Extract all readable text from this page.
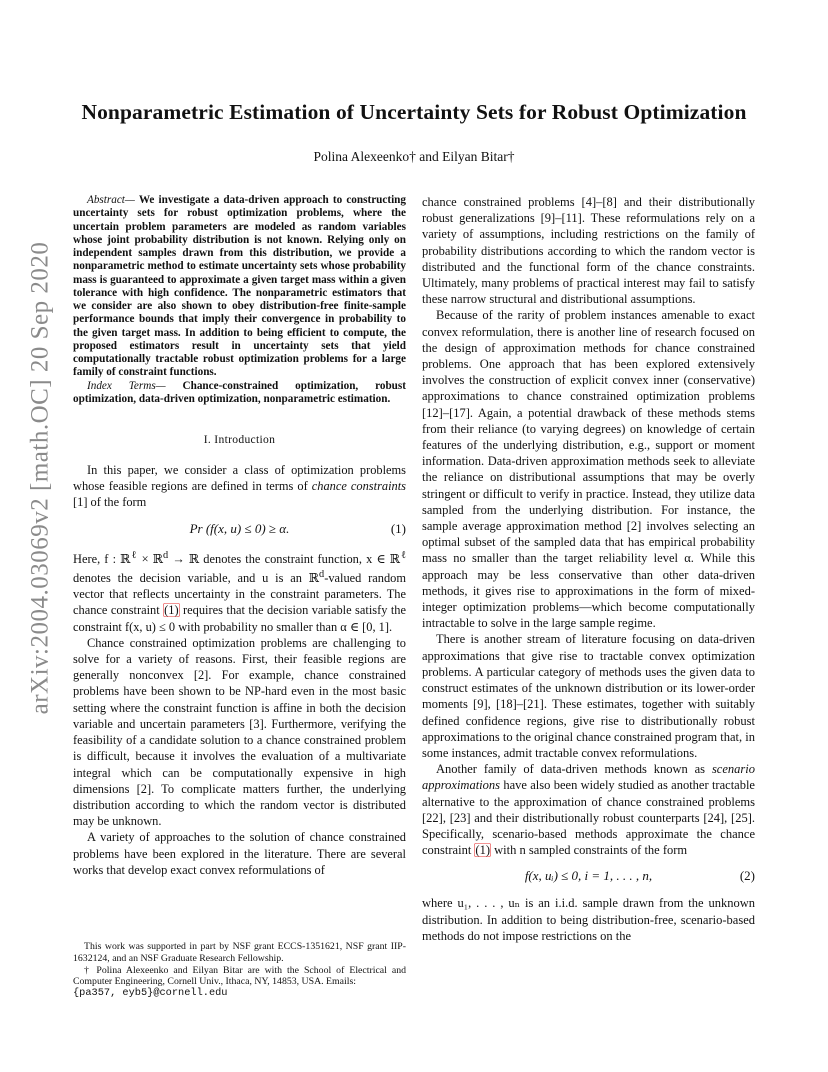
arXiv:2004.03069v2 [math.OC] 20 Sep 2020
Nonparametric Estimation of Uncertainty Sets for Robust Optimization
Polina Alexeenko† and Eilyan Bitar†

Abstract— We investigate a data-driven approach to constructing uncertainty sets for robust optimization problems, where the uncertain problem parameters are modeled as random variables whose joint probability distribution is not known. Relying only on independent samples drawn from this distribution, we provide a nonparametric method to estimate uncertainty sets whose probability mass is guaranteed to approximate a given target mass within a given tolerance with high confidence. The nonparametric estimators that we consider are also shown to obey distribution-free finite-sample performance bounds that imply their convergence in probability to the given target mass. In addition to being efficient to compute, the proposed estimators result in uncertainty sets that yield computationally tractable robust optimization problems for a large family of constraint functions.

Index Terms— Chance-constrained optimization, robust optimization, data-driven optimization, nonparametric estimation.

I. Introduction

In this paper, we consider a class of optimization problems whose feasible regions are defined in terms of chance constraints [1] of the form

Pr (f(x, u) ≤ 0) ≥ α.	(1)

Here, f : ℝ$^\ell$ × ℝ$^d$ → ℝ denotes the constraint function, x ∈ ℝ$^\ell$ denotes the decision variable, and u is an ℝ$^d$-valued random vector that reflects uncertainty in the constraint parameters. The chance constraint (1) requires that the decision variable satisfy the constraint f(x, u) ≤ 0 with probability no smaller than α ∈ [0, 1].

Chance constrained optimization problems are challenging to solve for a variety of reasons. First, their feasible regions are generally nonconvex [2]. For example, chance constrained problems have been shown to be NP-hard even in the most basic setting where the constraint function is affine in both the decision variable and uncertain parameters [3]. Furthermore, verifying the feasibility of a candidate solution to a chance constrained problem is difficult, because it involves the evaluation of a multivariate integral which can be computationally expensive in high dimensions [2]. To complicate matters further, the underlying distribution according to which the random vector is distributed may be unknown.

A variety of approaches to the solution of chance constrained problems have been explored in the literature. There are several works that develop exact convex reformulations of

chance constrained problems [4]–[8] and their distributionally robust generalizations [9]–[11]. These reformulations rely on a variety of assumptions, including restrictions on the family of probability distributions according to which the random vector is distributed and the functional form of the chance constraints. Ultimately, many problems of practical interest may fail to satisfy these narrow structural and distributional assumptions.

Because of the rarity of problem instances amenable to exact convex reformulation, there is another line of research focused on the design of approximation methods for chance constrained problems. One approach that has been explored extensively involves the construction of explicit convex inner (conservative) approximations to chance constrained optimization problems [12]–[17]. Again, a potential drawback of these methods stems from their reliance (to varying degrees) on knowledge of certain features of the underlying distribution, e.g., support or moment information. Data-driven approximation methods seek to alleviate the reliance on distributional assumptions that may be overly stringent or difficult to verify in practice. Instead, they utilize data sampled from the underlying distribution. For instance, the sample average approximation method [2] involves selecting an optimal subset of the sampled data that has empirical probability mass no smaller than the target reliability level α. While this approach may be less conservative than other data-driven methods, it gives rise to approximations in the form of mixed-integer optimization problems—which become computationally intractable to solve in the large sample regime.

There is another stream of literature focusing on data-driven approximations that give rise to tractable convex optimization problems. A particular category of methods uses the given data to construct estimates of the unknown distribution or its lower-order moments [9], [18]–[21]. These estimates, together with suitably defined confidence regions, give rise to distributionally robust approximations to the original chance constrained program that, in some instances, admit tractable convex reformulations.

Another family of data-driven methods known as scenario approximations have also been widely studied as another tractable alternative to the approximation of chance constrained problems [22], [23] and their distributionally robust counterparts [24], [25]. Specifically, scenario-based methods approximate the chance constraint (1) with n sampled constraints of the form

f(x, uᵢ) ≤ 0, i = 1, . . . , n,	(2)

where u₁, . . . , uₙ is an i.i.d. sample drawn from the unknown distribution. In addition to being distribution-free, scenario-based methods do not impose restrictions on the

This work was supported in part by NSF grant ECCS-1351621, NSF grant IIP-1632124, and an NSF Graduate Research Fellowship.

† Polina Alexeenko and Eilyan Bitar are with the School of Electrical and Computer Engineering, Cornell Univ., Ithaca, NY, 14853, USA. Emails:

{pa357, eyb5}@cornell.edu
